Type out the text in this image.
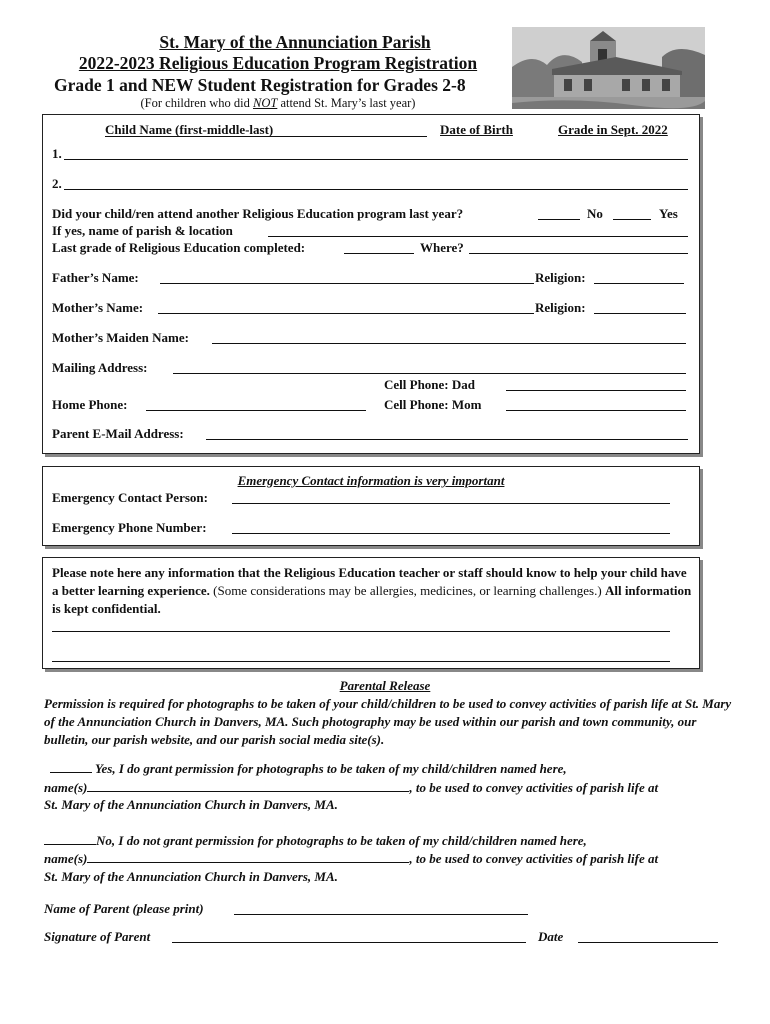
St. Mary of the Annunciation Parish
2022-2023 Religious Education Program Registration
Grade 1 and NEW Student Registration for Grades 2-8
(For children who did NOT attend St. Mary’s last year)
Child Name (first-middle-last)	Date of Birth	Grade in Sept. 2022
1.
2.
Did your child/ren attend another Religious Education program last year?	No	Yes
If yes, name of parish & location
Last grade of Religious Education completed:	Where?
Father’s Name:	Religion:
Mother’s Name:	Religion:
Mother’s Maiden Name:
Mailing Address:
Cell Phone: Dad
Home Phone:	Cell Phone: Mom
Parent E-Mail Address:
Emergency Contact information is very important
Emergency Contact Person:
Emergency Phone Number:
Please note here any information that the Religious Education teacher or staff should know to help your child have a better learning experience. (Some considerations may be allergies, medicines, or learning challenges.) All information is kept confidential.
Parental Release
Permission is required for photographs to be taken of your child/children to be used to convey activities of parish life at St. Mary of the Annunciation Church in Danvers, MA. Such photography may be used within our parish and town community, our bulletin, our parish website, and our parish social media site(s).
Yes, I do grant permission for photographs to be taken of my child/children named here,
name(s)	, to be used to convey activities of parish life at
St. Mary of the Annunciation Church in Danvers, MA.
No, I do not grant permission for photographs to be taken of my child/children named here,
name(s)	, to be used to convey activities of parish life at
St. Mary of the Annunciation Church in Danvers, MA.
Name of Parent (please print)
Signature of Parent	Date
